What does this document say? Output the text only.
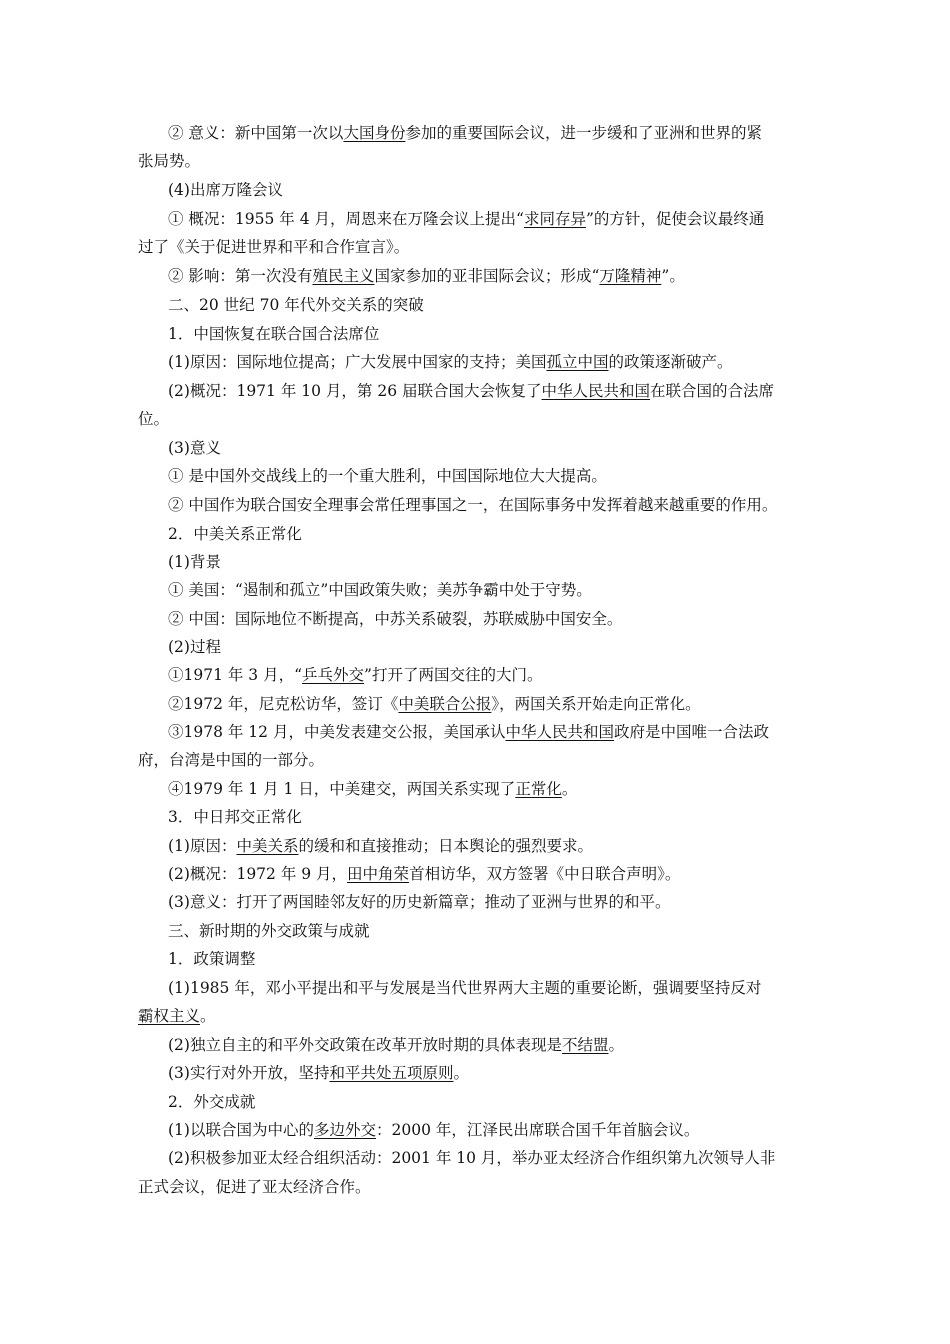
② 意义：新中国第一次以大国身份参加的重要国际会议，进一步缓和了亚洲和世界的紧
张局势。
(4)出席万隆会议
① 概况：1955 年 4 月，周恩来在万隆会议上提出“求同存异”的方针，促使会议最终通
过了《关于促进世界和平和合作宣言》。
② 影响：第一次没有殖民主义国家参加的亚非国际会议；形成“万隆精神”。
二、20 世纪 70 年代外交关系的突破
1．中国恢复在联合国合法席位
(1)原因：国际地位提高；广大发展中国家的支持；美国孤立中国的政策逐渐破产。
(2)概况：1971 年 10 月，第 26 届联合国大会恢复了中华人民共和国在联合国的合法席
位。
(3)意义
① 是中国外交战线上的一个重大胜利，中国国际地位大大提高。
② 中国作为联合国安全理事会常任理事国之一，在国际事务中发挥着越来越重要的作用。
2．中美关系正常化
(1)背景
① 美国：“遏制和孤立”中国政策失败；美苏争霸中处于守势。
② 中国：国际地位不断提高，中苏关系破裂，苏联威胁中国安全。
(2)过程
①1971 年 3 月，“乒乓外交”打开了两国交往的大门。
②1972 年，尼克松访华，签订《中美联合公报》，两国关系开始走向正常化。
③1978 年 12 月，中美发表建交公报，美国承认中华人民共和国政府是中国唯一合法政
府，台湾是中国的一部分。
④1979 年 1 月 1 日，中美建交，两国关系实现了正常化。
3．中日邦交正常化
(1)原因：中美关系的缓和和直接推动；日本舆论的强烈要求。
(2)概况：1972 年 9 月，田中角荣首相访华，双方签署《中日联合声明》。
(3)意义：打开了两国睦邻友好的历史新篇章；推动了亚洲与世界的和平。
三、新时期的外交政策与成就
1．政策调整
(1)1985 年，邓小平提出和平与发展是当代世界两大主题的重要论断，强调要坚持反对
霸权主义。
(2)独立自主的和平外交政策在改革开放时期的具体表现是不结盟。
(3)实行对外开放，坚持和平共处五项原则。
2．外交成就
(1)以联合国为中心的多边外交：2000 年，江泽民出席联合国千年首脑会议。
(2)积极参加亚太经合组织活动：2001 年 10 月，举办亚太经济合作组织第九次领导人非
正式会议，促进了亚太经济合作。
